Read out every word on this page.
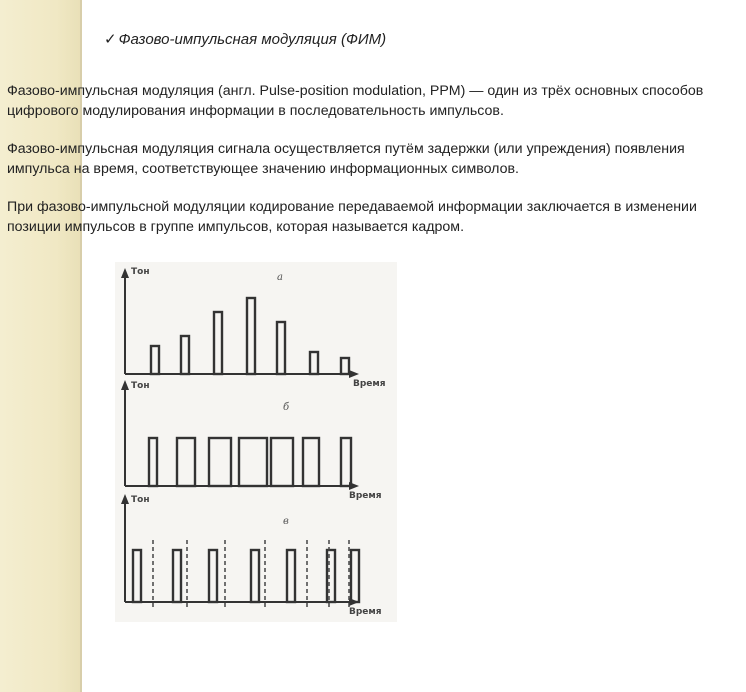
✓ Фазово-импульсная модуляция (ФИМ)
Фазово-импульсная модуляция (англ. Pulse-position modulation, PPM) — один из трёх основных способов цифрового модулирования информации в последовательность импульсов.
Фазово-импульсная модуляция сигнала осуществляется путём задержки (или упреждения) появления импульса на время, соответствующее значению информационных символов.
При фазово-импульсной модуляции кодирование передаваемой информации заключается в изменении позиции импульсов в группе импульсов, которая называется кадром.
Тон
Время
а
Тон
Время
б
Тон
Время
в
